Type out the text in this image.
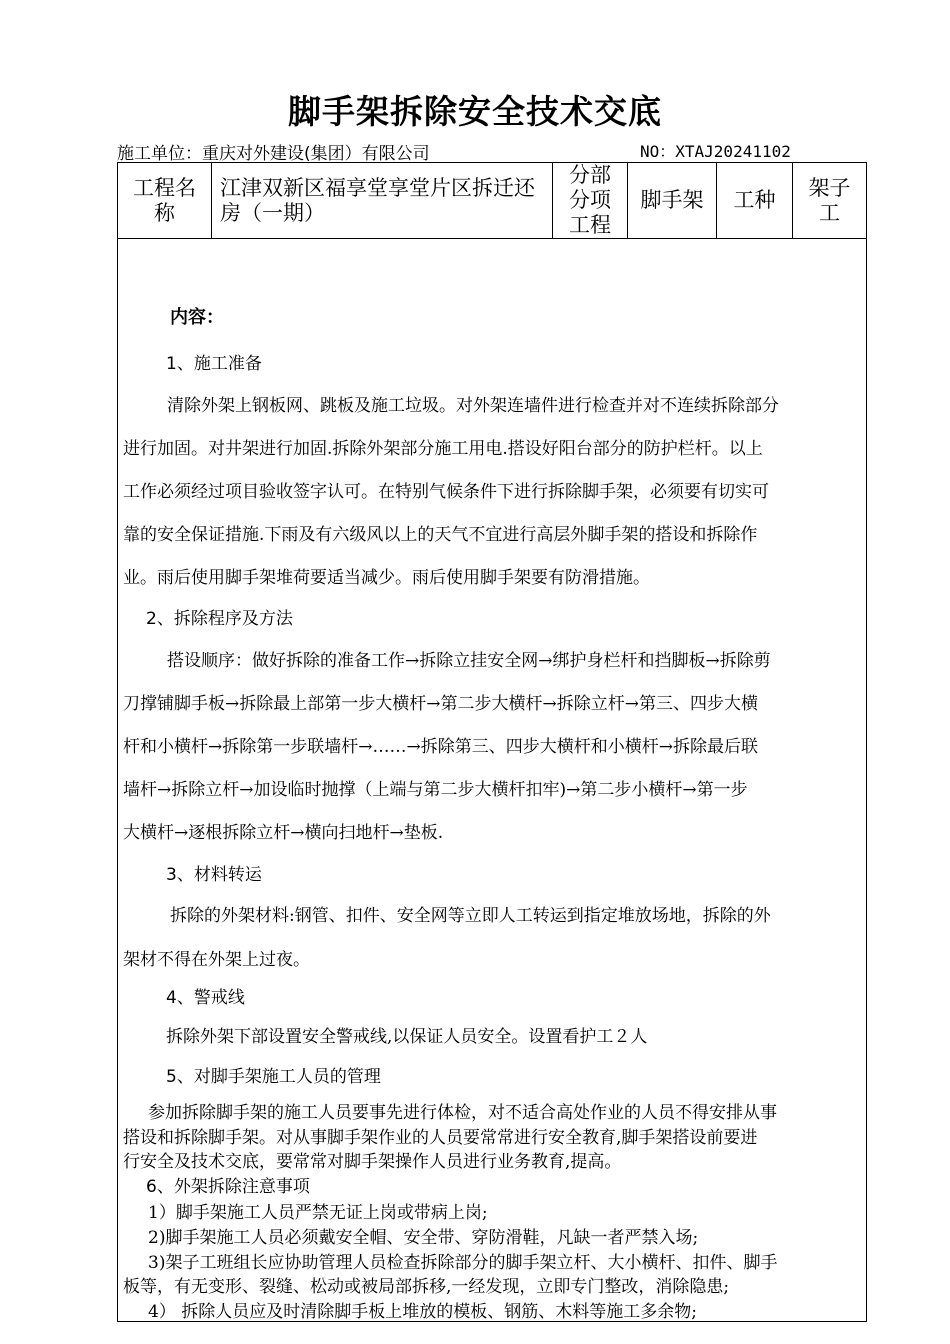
脚手架拆除安全技术交底
施工单位：重庆对外建设(集团）有限公司	NO：XTAJ20241102
工程名称	江津双新区福享堂享堂片区拆迁还房（一期）	分部分项工程	脚手架	工种	架子工

内容：
1、施工准备
清除外架上钢板网、跳板及施工垃圾。对外架连墙件进行检查并对不连续拆除部分
进行加固。对井架进行加固.拆除外架部分施工用电.搭设好阳台部分的防护栏杆。以上
工作必须经过项目验收签字认可。在特别气候条件下进行拆除脚手架，必须要有切实可
靠的安全保证措施.下雨及有六级风以上的天气不宜进行高层外脚手架的搭设和拆除作
业。雨后使用脚手架堆荷要适当减少。雨后使用脚手架要有防滑措施。
2、拆除程序及方法
搭设顺序：做好拆除的准备工作→拆除立挂安全网→绑护身栏杆和挡脚板→拆除剪
刀撑铺脚手板→拆除最上部第一步大横杆→第二步大横杆→拆除立杆→第三、四步大横
杆和小横杆→拆除第一步联墙杆→……→拆除第三、四步大横杆和小横杆→拆除最后联
墙杆→拆除立杆→加设临时抛撑（上端与第二步大横杆扣牢)→第二步小横杆→第一步
大横杆→逐根拆除立杆→横向扫地杆→垫板.
3、材料转运
拆除的外架材料:钢管、扣件、安全网等立即人工转运到指定堆放场地，拆除的外
架材不得在外架上过夜。
4、警戒线
拆除外架下部设置安全警戒线,以保证人员安全。设置看护工２人
5、对脚手架施工人员的管理
参加拆除脚手架的施工人员要事先进行体检，对不适合高处作业的人员不得安排从事
搭设和拆除脚手架。对从事脚手架作业的人员要常常进行安全教育,脚手架搭设前要进
行安全及技术交底，要常常对脚手架操作人员进行业务教育,提高。
6、外架拆除注意事项
1）脚手架施工人员严禁无证上岗或带病上岗;
2)脚手架施工人员必须戴安全帽、安全带、穿防滑鞋，凡缺一者严禁入场;
3)架子工班组长应协助管理人员检查拆除部分的脚手架立杆、大小横杆、扣件、脚手
板等，有无变形、裂缝、松动或被局部拆移,一经发现，立即专门整改，消除隐患;
4） 拆除人员应及时清除脚手板上堆放的模板、钢筋、木料等施工多余物;
